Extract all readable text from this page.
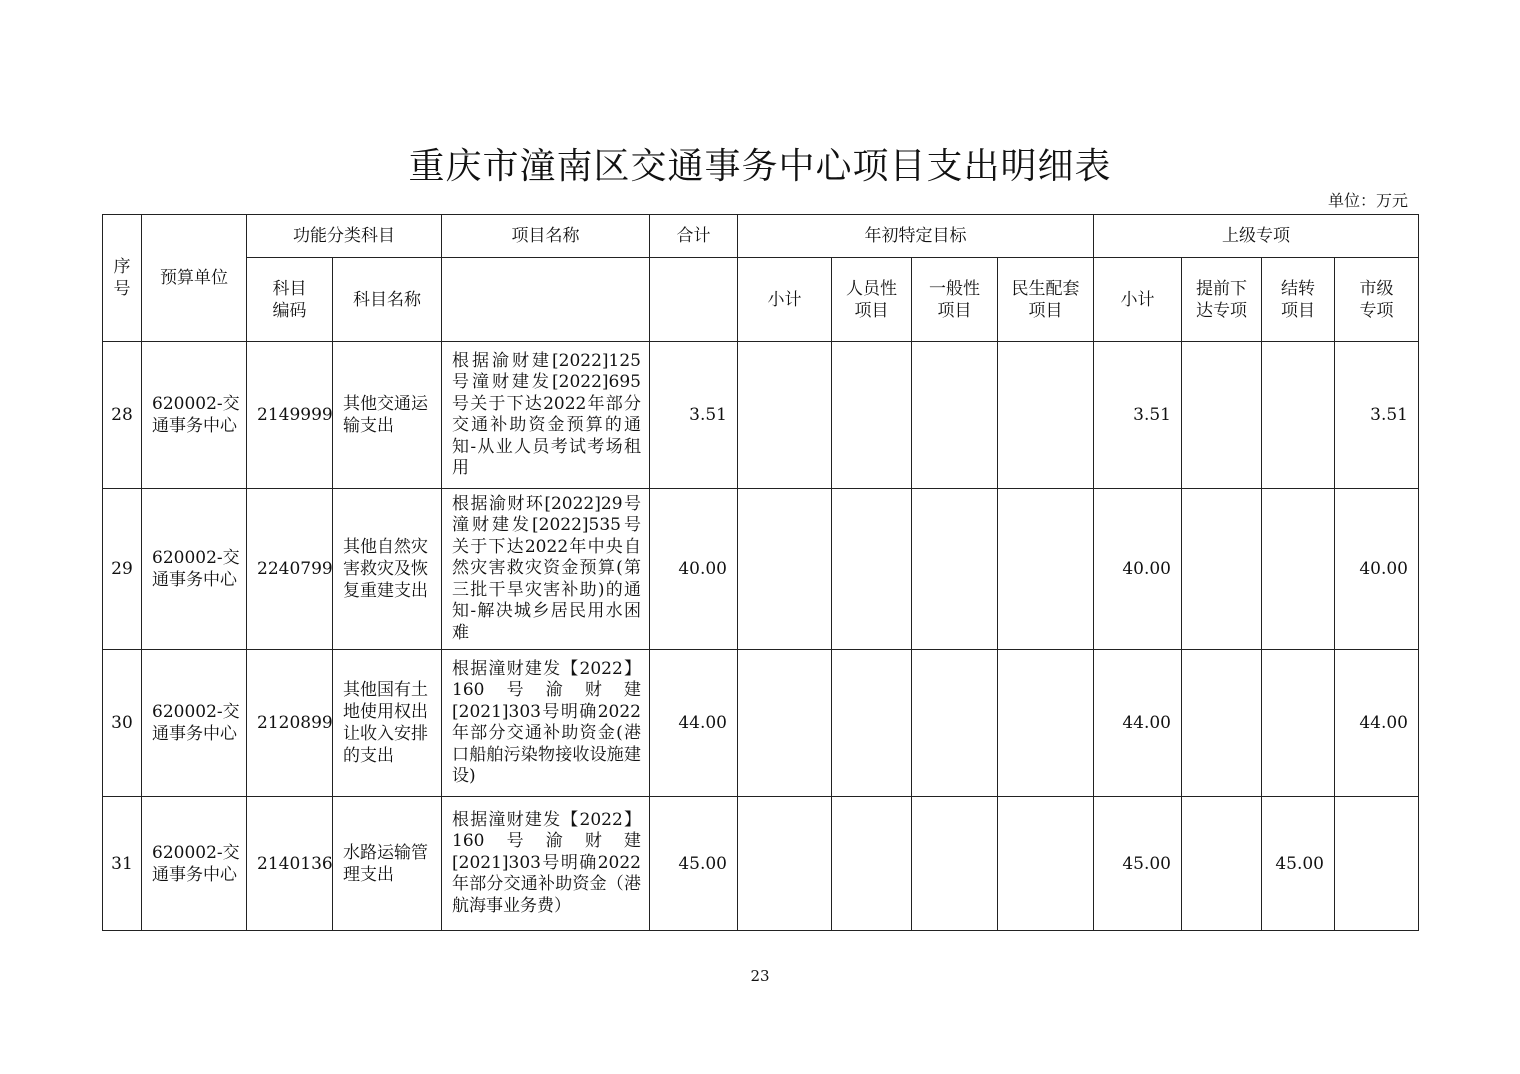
重庆市潼南区交通事务中心项目支出明细表
单位：万元
序号	预算单位	功能分类科目		项目名称	合计	年初特定目标				上级专项			
		科目编码	科目名称			小计	人员性项目	一般性项目	民生配套项目	小计	提前下达专项	结转项目	市级专项
28	620002-交通事务中心	2149999	其他交通运输支出	根据渝财建[2022]125号潼财建发[2022]695号关于下达2022年部分交通补助资金预算的通知-从业人员考试考场租用	3.51					3.51			3.51
29	620002-交通事务中心	2240799	其他自然灾害救灾及恢复重建支出	根据渝财环[2022]29号潼财建发[2022]535号关于下达2022年中央自然灾害救灾资金预算(第三批干旱灾害补助)的通知-解决城乡居民用水困难	40.00					40.00			40.00
30	620002-交通事务中心	2120899	其他国有土地使用权出让收入安排的支出	根据潼财建发【2022】160号渝财建[2021]303号明确2022年部分交通补助资金(港口船舶污染物接收设施建设)	44.00					44.00			44.00
31	620002-交通事务中心	2140136	水路运输管理支出	根据潼财建发【2022】160号渝财建[2021]303号明确2022年部分交通补助资金（港航海事业务费）	45.00					45.00		45.00	
23
